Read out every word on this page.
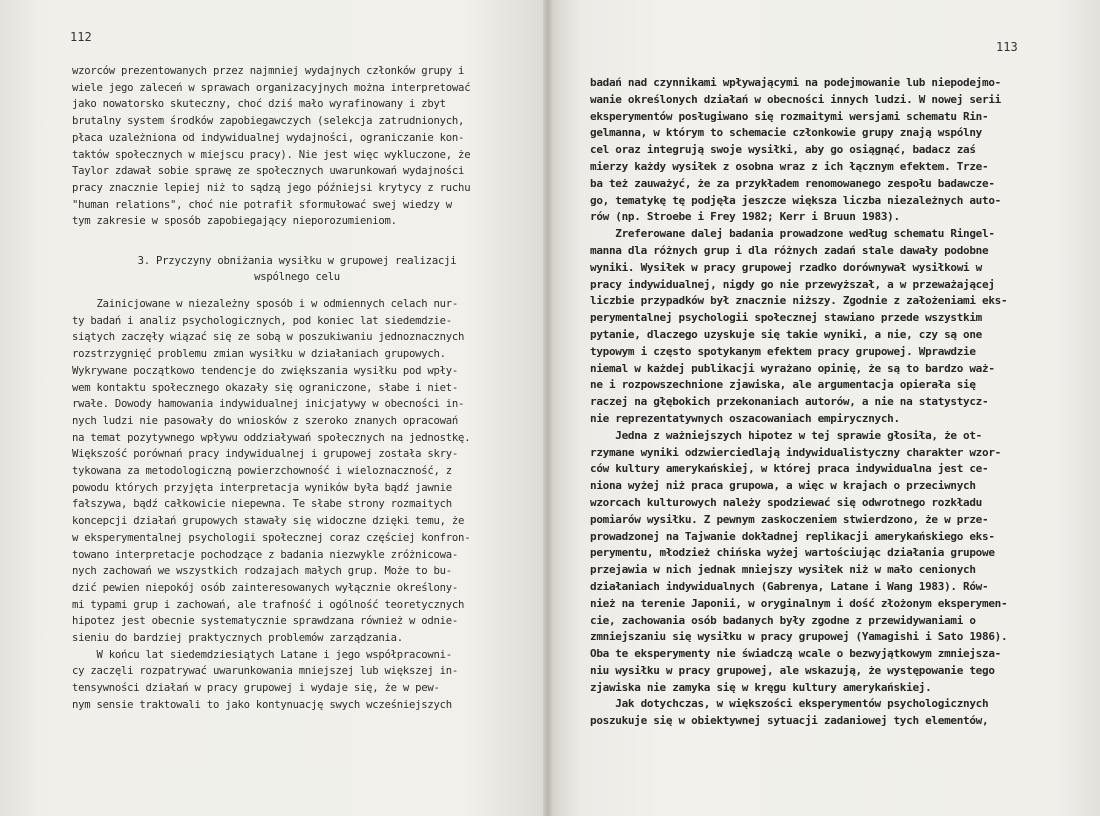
112
113
wzorców prezentowanych przez najmniej wydajnych członków grupy i
wiele jego zaleceń w sprawach organizacyjnych można interpretować
jako nowatorsko skuteczny, choć dziś mało wyrafinowany i zbyt
brutalny system środków zapobiegawczych (selekcja zatrudnionych,
płaca uzależniona od indywidualnej wydajności, ograniczanie kon-
taktów społecznych w miejscu pracy). Nie jest więc wykluczone, że
Taylor zdawał sobie sprawę ze społecznych uwarunkowań wydajności
pracy znacznie lepiej niż to sądzą jego późniejsi krytycy z ruchu
"human relations", choć nie potrafił sformułować swej wiedzy w
tym zakresie w sposób zapobiegający nieporozumieniom.
3. Przyczyny obniżania wysiłku w grupowej realizacji
wspólnego celu
Zainicjowane w niezależny sposób i w odmiennych celach nur-
ty badań i analiz psychologicznych, pod koniec lat siedemdzie-
siątych zaczęły wiązać się ze sobą w poszukiwaniu jednoznacznych
rozstrzygnięć problemu zmian wysiłku w działaniach grupowych.
Wykrywane początkowo tendencje do zwiększania wysiłku pod wpły-
wem kontaktu społecznego okazały się ograniczone, słabe i niet-
rwałe. Dowody hamowania indywidualnej inicjatywy w obecności in-
nych ludzi nie pasowały do wniosków z szeroko znanych opracowań
na temat pozytywnego wpływu oddziaływań społecznych na jednostkę.
Większość porównań pracy indywidualnej i grupowej została skry-
tykowana za metodologiczną powierzchowność i wieloznaczność, z
powodu których przyjęta interpretacja wyników była bądź jawnie
fałszywa, bądź całkowicie niepewna. Te słabe strony rozmaitych
koncepcji działań grupowych stawały się widoczne dzięki temu, że
w eksperymentalnej psychologii społecznej coraz częściej konfron-
towano interpretacje pochodzące z badania niezwykle zróżnicowa-
nych zachowań we wszystkich rodzajach małych grup. Może to bu-
dzić pewien niepokój osób zainteresowanych wyłącznie określony-
mi typami grup i zachowań, ale trafność i ogólność teoretycznych
hipotez jest obecnie systematycznie sprawdzana również w odnie-
sieniu do bardziej praktycznych problemów zarządzania.
W końcu lat siedemdziesiątych Latane i jego współpracowni-
cy zaczęli rozpatrywać uwarunkowania mniejszej lub większej in-
tensywności działań w pracy grupowej i wydaje się, że w pew-
nym sensie traktowali to jako kontynuację swych wcześniejszych
badań nad czynnikami wpływającymi na podejmowanie lub niepodejmo-
wanie określonych działań w obecności innych ludzi. W nowej serii
eksperymentów posługiwano się rozmaitymi wersjami schematu Rin-
gelmanna, w którym to schemacie członkowie grupy znają wspólny
cel oraz integrują swoje wysiłki, aby go osiągnąć, badacz zaś
mierzy każdy wysiłek z osobna wraz z ich łącznym efektem. Trze-
ba też zauważyć, że za przykładem renomowanego zespołu badawcze-
go, tematykę tę podjęła jeszcze większa liczba niezależnych auto-
rów (np. Stroebe i Frey 1982; Kerr i Bruun 1983).
Zreferowane dalej badania prowadzone według schematu Ringel-
manna dla różnych grup i dla różnych zadań stale dawały podobne
wyniki. Wysiłek w pracy grupowej rzadko dorównywał wysiłkowi w
pracy indywidualnej, nigdy go nie przewyższał, a w przeważającej
liczbie przypadków był znacznie niższy. Zgodnie z założeniami eks-
perymentalnej psychologii społecznej stawiano przede wszystkim
pytanie, dlaczego uzyskuje się takie wyniki, a nie, czy są one
typowym i często spotykanym efektem pracy grupowej. Wprawdzie
niemal w każdej publikacji wyrażano opinię, że są to bardzo waż-
ne i rozpowszechnione zjawiska, ale argumentacja opierała się
raczej na głębokich przekonaniach autorów, a nie na statystycz-
nie reprezentatywnych oszacowaniach empirycznych.
Jedna z ważniejszych hipotez w tej sprawie głosiła, że ot-
rzymane wyniki odzwierciedlają indywidualistyczny charakter wzor-
ców kultury amerykańskiej, w której praca indywidualna jest ce-
niona wyżej niż praca grupowa, a więc w krajach o przeciwnych
wzorcach kulturowych należy spodziewać się odwrotnego rozkładu
pomiarów wysiłku. Z pewnym zaskoczeniem stwierdzono, że w prze-
prowadzonej na Tajwanie dokładnej replikacji amerykańskiego eks-
perymentu, młodzież chińska wyżej wartościując działania grupowe
przejawia w nich jednak mniejszy wysiłek niż w mało cenionych
działaniach indywidualnych (Gabrenya, Latane i Wang 1983). Rów-
nież na terenie Japonii, w oryginalnym i dość złożonym eksperymen-
cie, zachowania osób badanych były zgodne z przewidywaniami o
zmniejszaniu się wysiłku w pracy grupowej (Yamagishi i Sato 1986).
Oba te eksperymenty nie świadczą wcale o bezwyjątkowym zmniejsza-
niu wysiłku w pracy grupowej, ale wskazują, że występowanie tego
zjawiska nie zamyka się w kręgu kultury amerykańskiej.
Jak dotychczas, w większości eksperymentów psychologicznych
poszukuje się w obiektywnej sytuacji zadaniowej tych elementów,
